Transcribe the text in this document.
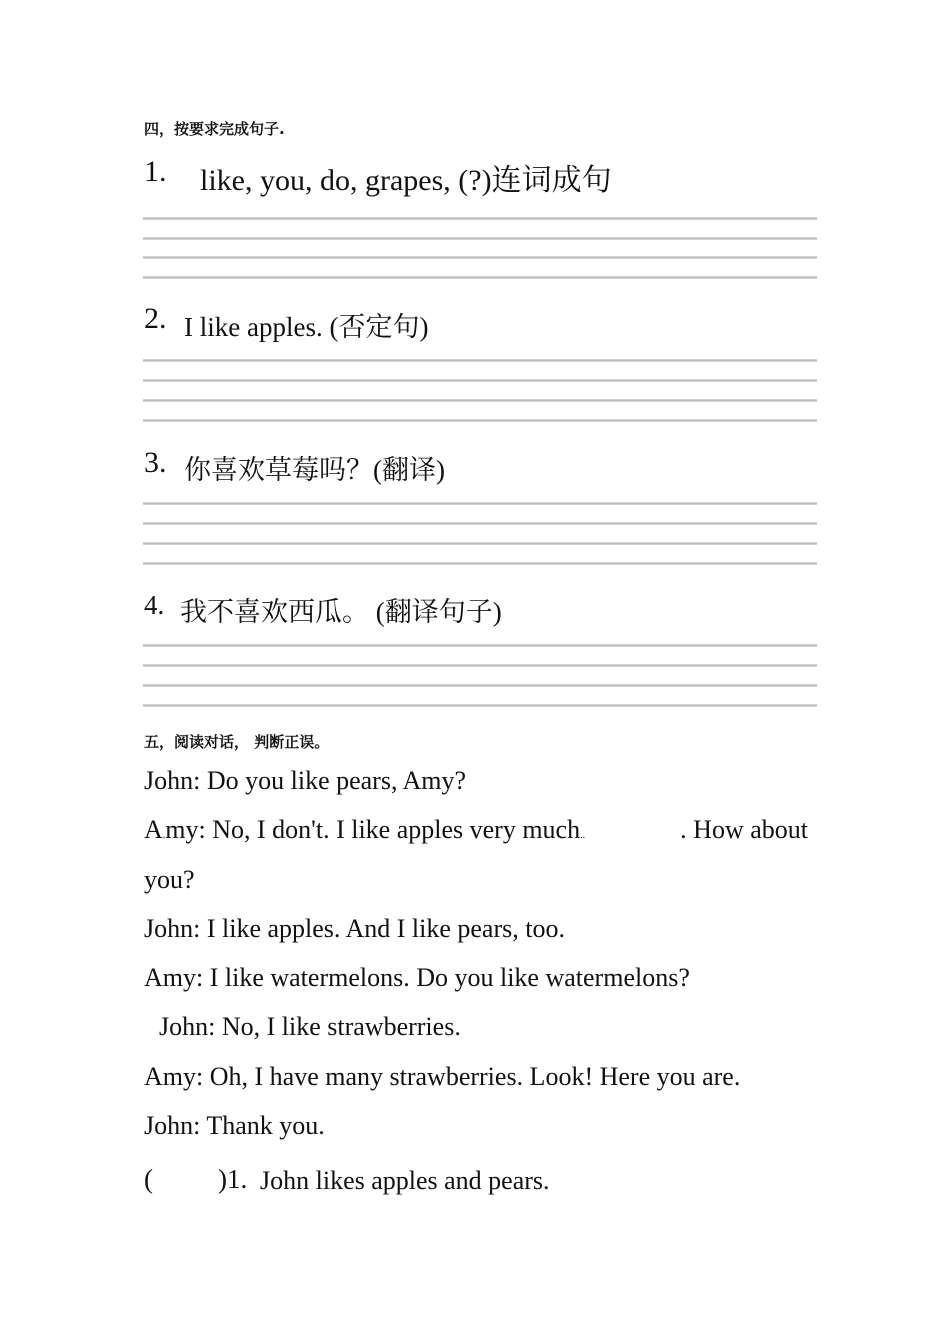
四，按要求完成句子.
1. like, you, do, grapes, (?)连词成句
2. I like apples. (否定句)
3. 你喜欢草莓吗？(翻译)
4. 我不喜欢西瓜。 (翻译句子)
五，阅读对话， 判断正误。
John: Do you like pears, Amy?
A.my: No, I don't. I like apples very much..	. How about
you?
John: I like apples. And I like pears, too.
Amy: I like watermelons. Do you like watermelons?
John: No, I like strawberries.
Amy: Oh, I have many strawberries. Look! Here you are.
John: Thank you.
( )1. John likes apples and pears.
